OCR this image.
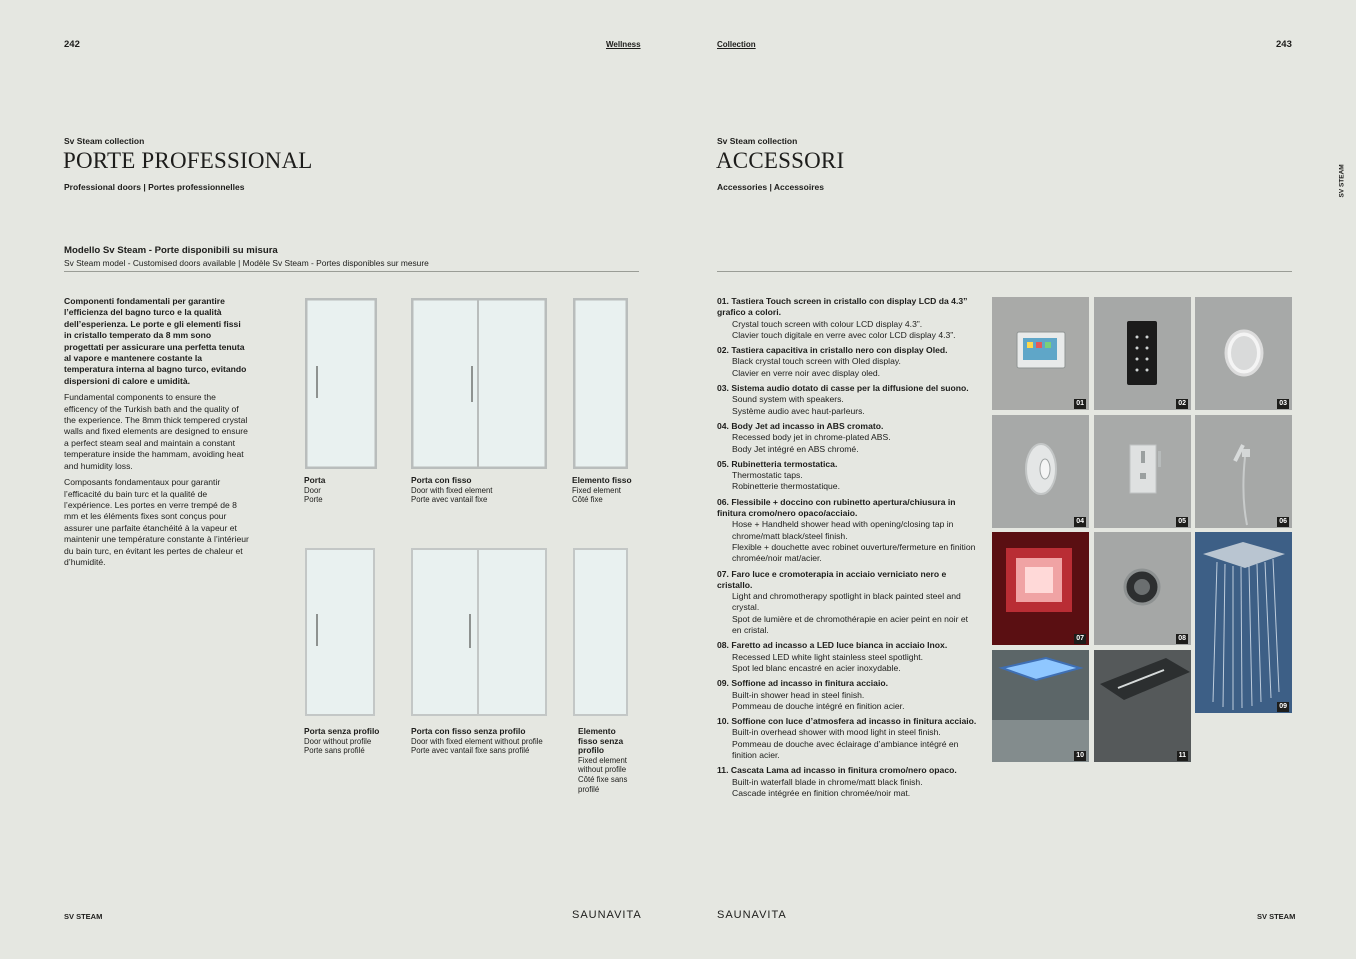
242	Wellness
Sv Steam collection
PORTE PROFESSIONAL
Professional doors | Portes professionnelles
Modello Sv Steam - Porte disponibili su misura
Sv Steam model - Customised doors available | Modèle Sv Steam - Portes disponibles sur mesure

Componenti fondamentali per garantire l’efficienza del bagno turco e la qualità dell’esperienza. Le porte e gli elementi fissi in cristallo temperato da 8 mm sono progettati per assicurare una perfetta tenuta al vapore e mantenere costante la temperatura interna al bagno turco, evitando dispersioni di calore e umidità.

Fundamental components to ensure the efficency of the Turkish bath and the quality of the experience. The 8mm thick tempered crystal walls and fixed elements are designed to ensure a perfect steam seal and maintain a constant temperature inside the hammam, avoiding heat and humidity loss.

Composants fondamentaux pour garantir l’efficacité du bain turc et la qualité de l’expérience. Les portes en verre trempé de 8 mm et les éléments fixes sont conçus pour assurer une parfaite étanchéité à la vapeur et maintenir une température constante à l’intérieur du bain turc, en évitant les pertes de chaleur et d’humidité.

Porta
Door
Porte
Porta con fisso
Door with fixed element
Porte avec vantail fixe
Elemento fisso
Fixed element
Côté fixe
Porta senza profilo
Door without profile
Porte sans profilé
Porta con fisso senza profilo
Door with fixed element without profile
Porte avec vantail fixe sans profilé
Elemento fisso senza profilo
Fixed element without profile
Côté fixe sans profilé
SV STEAM	SAUNAVITA
Collection	243
SV STEAM
Sv Steam collection
ACCESSORI
Accessories | Accessoires
01. Tastiera Touch screen in cristallo con display LCD da 4.3” grafico a colori.
Crystal touch screen with colour LCD display 4.3”.
Clavier touch digitale en verre avec color LCD display 4.3”.
02. Tastiera capacitiva in cristallo nero con display Oled.
Black crystal touch screen with Oled display.
Clavier en verre noir avec display oled.
03. Sistema audio dotato di casse per la diffusione del suono.
Sound system with speakers.
Système audio avec haut-parleurs.
04. Body Jet ad incasso in ABS cromato.
Recessed body jet in chrome-plated ABS.
Body Jet intégré en ABS chromé.
05. Rubinetteria termostatica.
Thermostatic taps.
Robinetterie thermostatique.
06. Flessibile + doccino con rubinetto apertura/chiusura in finitura cromo/nero opaco/acciaio.
Hose + Handheld shower head with opening/closing tap in chrome/matt black/steel finish.
Flexible + douchette avec robinet ouverture/fermeture en finition chromée/noir mat/acier.
07. Faro luce e cromoterapia in acciaio verniciato nero e cristallo.
Light and chromotherapy spotlight in black painted steel and crystal.
Spot de lumière et de chromothérapie en acier peint en noir et en cristal.
08. Faretto ad incasso a LED luce bianca in acciaio Inox.
Recessed LED white light stainless steel spotlight.
Spot led blanc encastré en acier inoxydable.
09. Soffione ad incasso in finitura acciaio.
Built-in shower head in steel finish.
Pommeau de douche intégré en finition acier.
10. Soffione con luce d’atmosfera ad incasso in finitura acciaio.
Built-in overhead shower with mood light in steel finish.
Pommeau de douche avec éclairage d’ambiance intégré en finition acier.
11. Cascata Lama ad incasso in finitura cromo/nero opaco.
Built-in waterfall blade in chrome/matt black finish.
Cascade intégrée en finition chromée/noir mat.
01	02	03
04	05	06
07	08
09
10	11
SAUNAVITA	SV STEAM
